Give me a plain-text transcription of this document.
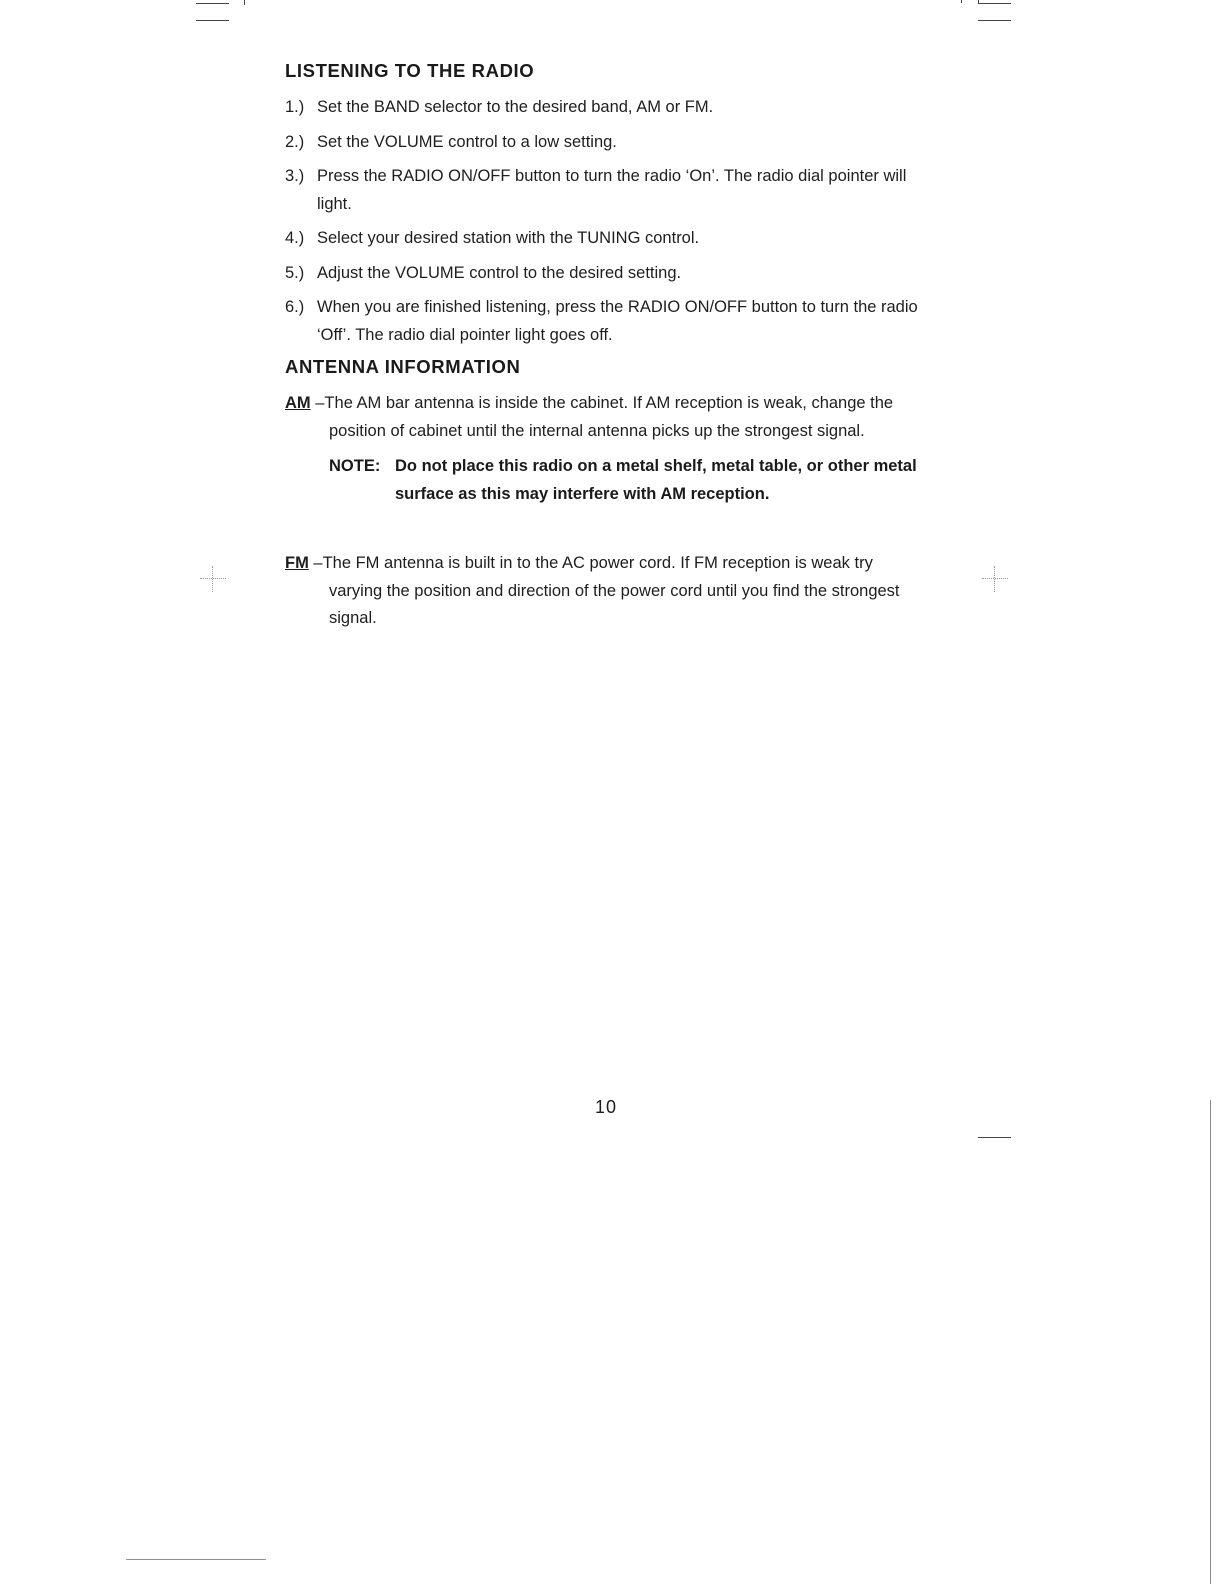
LISTENING TO THE RADIO
1.) Set the BAND selector to the desired band, AM or FM.
2.) Set the VOLUME control to a low setting.
3.) Press the RADIO ON/OFF button to turn the radio ‘On’. The radio dial pointer will light.
4.) Select your desired station with the TUNING control.
5.) Adjust the VOLUME control to the desired setting.
6.) When you are finished listening, press the RADIO ON/OFF button to turn the radio ‘Off’. The radio dial pointer light goes off.
ANTENNA INFORMATION
AM –The AM bar antenna is inside the cabinet. If AM reception is weak, change the position of cabinet until the internal antenna picks up the strongest signal.
NOTE: Do not place this radio on a metal shelf, metal table, or other metal surface as this may interfere with AM reception.
FM –The FM antenna is built in to the AC power cord. If FM reception is weak try varying the position and direction of the power cord until you find the strongest signal.
10
